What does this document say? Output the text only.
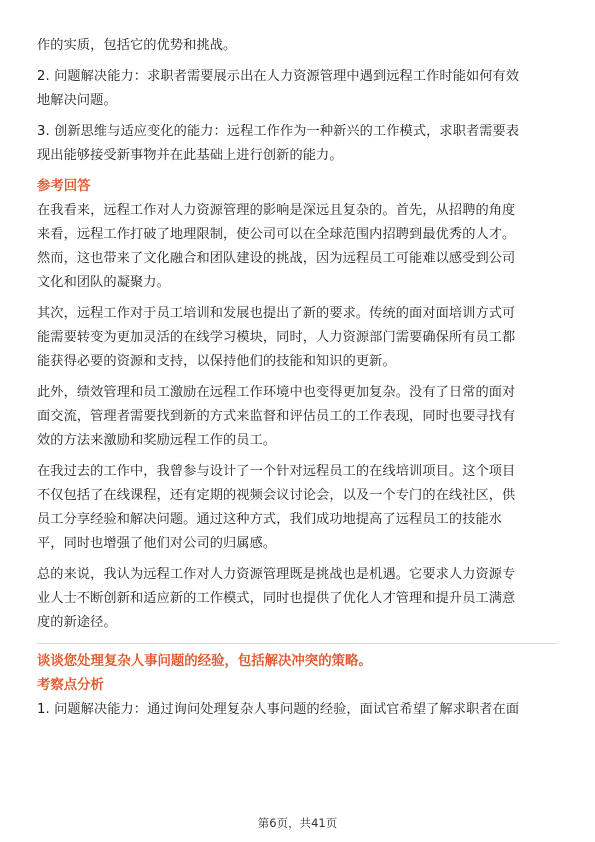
作的实质，包括它的优势和挑战。
2. 问题解决能力：求职者需要展示出在人力资源管理中遇到远程工作时能如何有效
地解决问题。
3. 创新思维与适应变化的能力：远程工作作为一种新兴的工作模式，求职者需要表
现出能够接受新事物并在此基础上进行创新的能力。
参考回答
在我看来，远程工作对人力资源管理的影响是深远且复杂的。首先，从招聘的角度
来看，远程工作打破了地理限制，使公司可以在全球范围内招聘到最优秀的人才。
然而，这也带来了文化融合和团队建设的挑战，因为远程员工可能难以感受到公司
文化和团队的凝聚力。
其次，远程工作对于员工培训和发展也提出了新的要求。传统的面对面培训方式可
能需要转变为更加灵活的在线学习模块，同时，人力资源部门需要确保所有员工都
能获得必要的资源和支持，以保持他们的技能和知识的更新。
此外，绩效管理和员工激励在远程工作环境中也变得更加复杂。没有了日常的面对
面交流，管理者需要找到新的方式来监督和评估员工的工作表现，同时也要寻找有
效的方法来激励和奖励远程工作的员工。
在我过去的工作中，我曾参与设计了一个针对远程员工的在线培训项目。这个项目
不仅包括了在线课程，还有定期的视频会议讨论会，以及一个专门的在线社区，供
员工分享经验和解决问题。通过这种方式，我们成功地提高了远程员工的技能水
平，同时也增强了他们对公司的归属感。
总的来说，我认为远程工作对人力资源管理既是挑战也是机遇。它要求人力资源专
业人士不断创新和适应新的工作模式，同时也提供了优化人才管理和提升员工满意
度的新途径。
谈谈您处理复杂人事问题的经验，包括解决冲突的策略。
考察点分析
1. 问题解决能力：通过询问处理复杂人事问题的经验，面试官希望了解求职者在面
第6页，共41页
